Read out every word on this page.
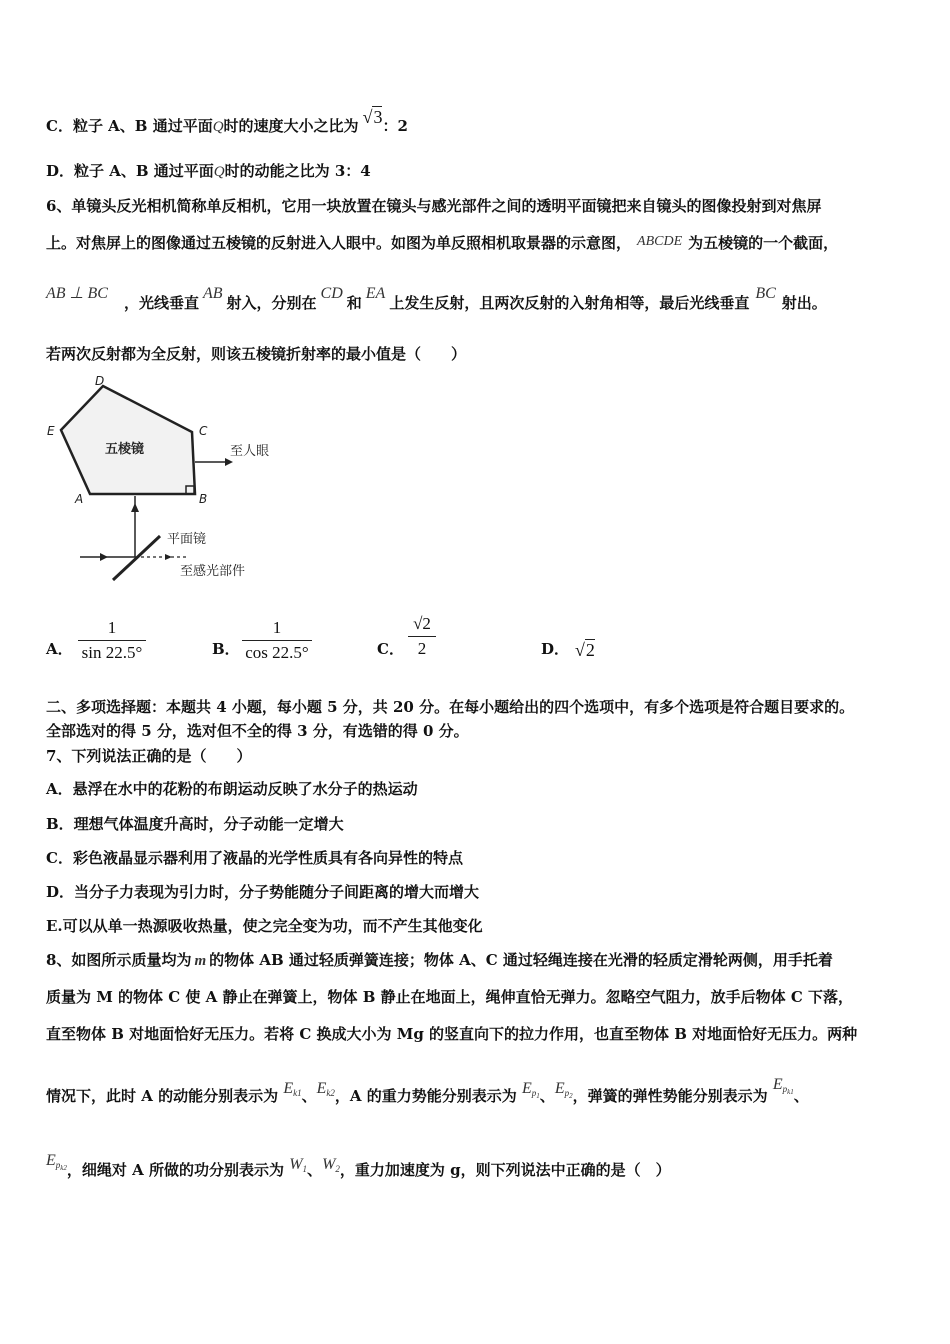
C．粒子 A、B 通过平面Q时的速度大小之比为 √3：2
D．粒子 A、B 通过平面Q时的动能之比为 3：4
6、单镜头反光相机简称单反相机，它用一块放置在镜头与感光部件之间的透明平面镜把来自镜头的图像投射到对焦屏
上。对焦屏上的图像通过五棱镜的反射进入人眼中。如图为单反照相机取景器的示意图， ABCDE 为五棱镜的一个截面，
AB ⊥ BC，光线垂直AB射入，分别在CD和EA上发生反射，且两次反射的入射角相等，最后光线垂直BC射出。
若两次反射都为全反射，则该五棱镜折射率的最小值是（　　）
D
E	C
A	B
五棱镜	至人眼
平面镜
至感光部件
A．
1
sin 22.5°	B．
1
cos 22.5°	C．
√2
2	D． √2
二、多项选择题：本题共 4 小题，每小题 5 分，共 20 分。在每小题给出的四个选项中，有多个选项是符合题目要求的。
全部选对的得 5 分，选对但不全的得 3 分，有选错的得 0 分。
7、下列说法正确的是（　　）
A．悬浮在水中的花粉的布朗运动反映了水分子的热运动
B．理想气体温度升高时，分子动能一定增大
C．彩色液晶显示器利用了液晶的光学性质具有各向异性的特点
D．当分子力表现为引力时，分子势能随分子间距离的增大而增大
E.可以从单一热源吸收热量，使之完全变为功，而不产生其他变化
8、如图所示质量均为 m 的物体 AB 通过轻质弹簧连接；物体 A、C 通过轻绳连接在光滑的轻质定滑轮两侧，用手托着
质量为 M 的物体 C 使 A 静止在弹簧上，物体 B 静止在地面上，绳伸直恰无弹力。忽略空气阻力，放手后物体 C 下落，
直至物体 B 对地面恰好无压力。若将 C 换成大小为 Mg 的竖直向下的拉力作用，也直至物体 B 对地面恰好无压力。两种
情况下，此时 A 的动能分别表示为 $E_{k1}$、$E_{k2}$，A 的重力势能分别表示为 $E_{p1}$、$E_{p2}$，弹簧的弹性势能分别表示为 $E_{pk1}$、
$E_{pk2}$，细绳对 A 所做的功分别表示为 $W_1$、$W_2$，重力加速度为 g，则下列说法中正确的是（　）
